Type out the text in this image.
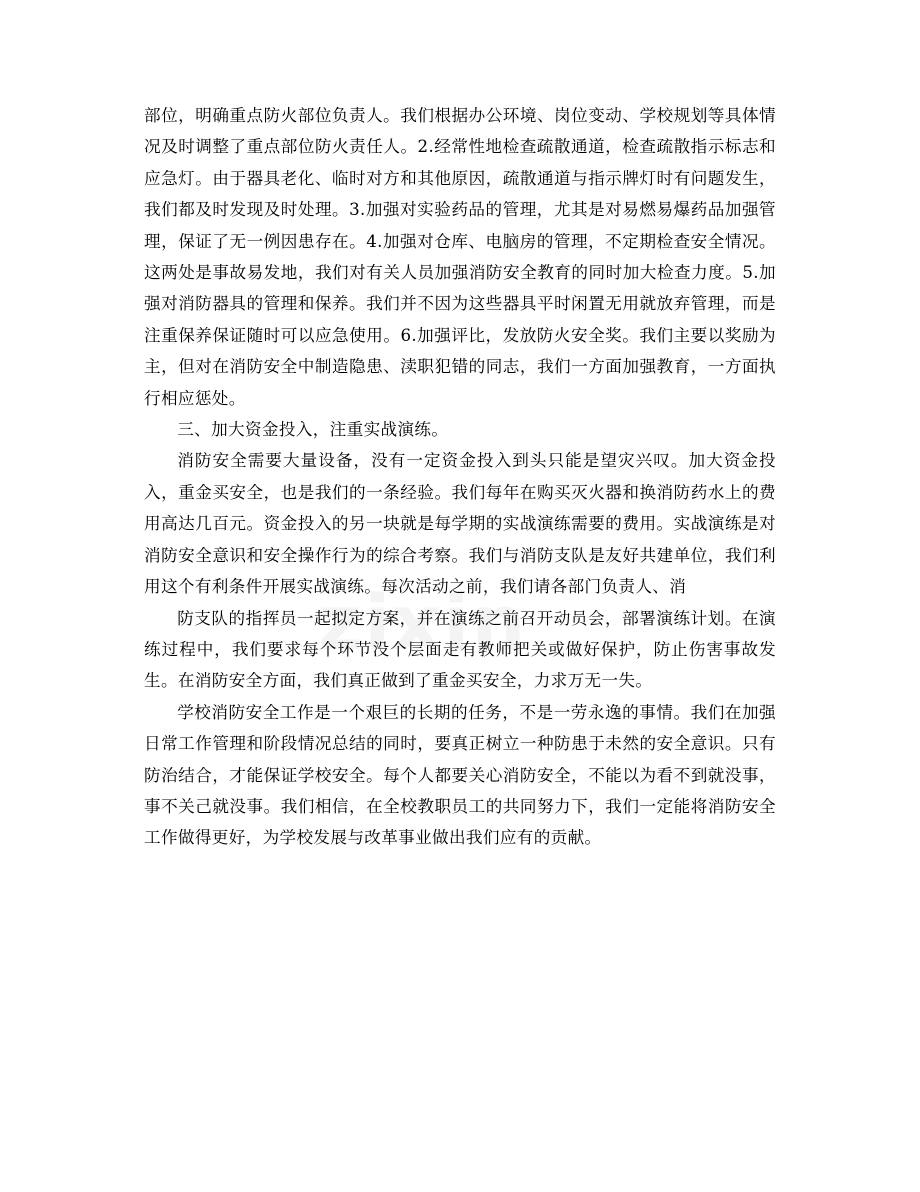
部位，明确重点防火部位负责人。我们根据办公环境、岗位变动、学校规划等具体情况及时调整了重点部位防火责任人。2.经常性地检查疏散通道，检查疏散指示标志和应急灯。由于器具老化、临时对方和其他原因，疏散通道与指示牌灯时有问题发生，我们都及时发现及时处理。3.加强对实验药品的管理，尤其是对易燃易爆药品加强管理，保证了无一例因患存在。4.加强对仓库、电脑房的管理，不定期检查安全情况。这两处是事故易发地，我们对有关人员加强消防安全教育的同时加大检查力度。5.加强对消防器具的管理和保养。我们并不因为这些器具平时闲置无用就放弃管理，而是注重保养保证随时可以应急使用。6.加强评比，发放防火安全奖。我们主要以奖励为主，但对在消防安全中制造隐患、渎职犯错的同志，我们一方面加强教育，一方面执行相应惩处。

三、加大资金投入，注重实战演练。

消防安全需要大量设备，没有一定资金投入到头只能是望灾兴叹。加大资金投入，重金买安全，也是我们的一条经验。我们每年在购买灭火器和换消防药水上的费用高达几百元。资金投入的另一块就是每学期的实战演练需要的费用。实战演练是对消防安全意识和安全操作行为的综合考察。我们与消防支队是友好共建单位，我们利用这个有利条件开展实战演练。每次活动之前，我们请各部门负责人、消

防支队的指挥员一起拟定方案，并在演练之前召开动员会，部署演练计划。在演练过程中，我们要求每个环节没个层面走有教师把关或做好保护，防止伤害事故发生。在消防安全方面，我们真正做到了重金买安全，力求万无一失。

学校消防安全工作是一个艰巨的长期的任务，不是一劳永逸的事情。我们在加强日常工作管理和阶段情况总结的同时，要真正树立一种防患于未然的安全意识。只有防治结合，才能保证学校安全。每个人都要关心消防安全，不能以为看不到就没事，事不关己就没事。我们相信，在全校教职员工的共同努力下，我们一定能将消防安全工作做得更好，为学校发展与改革事业做出我们应有的贡献。
